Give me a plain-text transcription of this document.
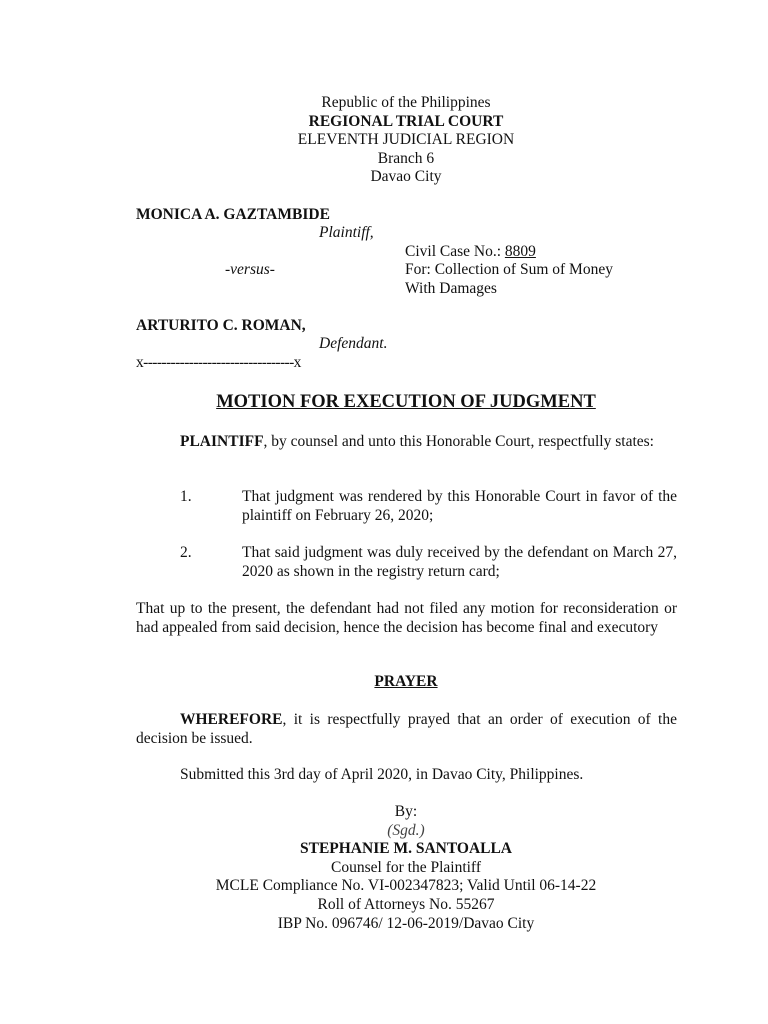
Republic of the Philippines
REGIONAL TRIAL COURT
ELEVENTH JUDICIAL REGION
Branch 6
Davao City
MONICA A. GAZTAMBIDE
Plaintiff,
Civil Case No.: 8809
-versus-	For: Collection of Sum of Money
With Damages
ARTURITO C. ROMAN,
Defendant.
x---------------------------------x
MOTION FOR EXECUTION OF JUDGMENT
PLAINTIFF, by counsel and unto this Honorable Court, respectfully states:
1.	That judgment was rendered by this Honorable Court in favor of the plaintiff on February 26, 2020;
2.	That said judgment was duly received by the defendant on March 27, 2020 as shown in the registry return card;
That up to the present, the defendant had not filed any motion for reconsideration or had appealed from said decision, hence the decision has become final and executory
PRAYER
WHEREFORE, it is respectfully prayed that an order of execution of the decision be issued.
Submitted this 3rd day of April 2020, in Davao City, Philippines.
By:
(Sgd.)
STEPHANIE M. SANTOALLA
Counsel for the Plaintiff
MCLE Compliance No. VI-002347823; Valid Until 06-14-22
Roll of Attorneys No. 55267
IBP No. 096746/ 12-06-2019/Davao City
